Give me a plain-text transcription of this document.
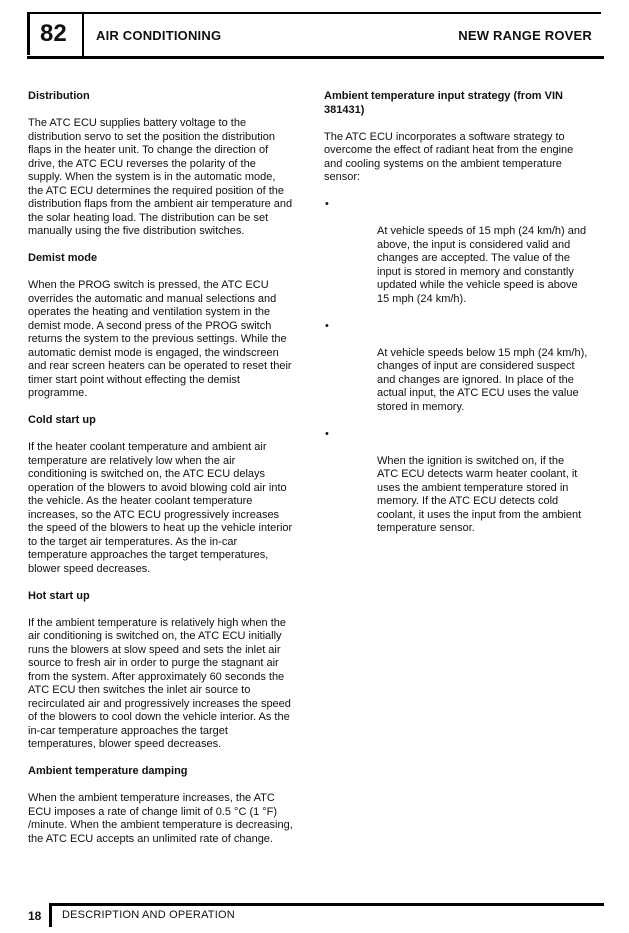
82 AIR CONDITIONING	NEW RANGE ROVER
Distribution

The ATC ECU supplies battery voltage to the
distribution servo to set the position the distribution
flaps in the heater unit. To change the direction of
drive, the ATC ECU reverses the polarity of the
supply. When the system is in the automatic mode,
the ATC ECU determines the required position of the
distribution flaps from the ambient air temperature and
the solar heating load. The distribution can be set
manually using the five distribution switches.

Demist mode

When the PROG switch is pressed, the ATC ECU
overrides the automatic and manual selections and
operates the heating and ventilation system in the
demist mode. A second press of the PROG switch
returns the system to the previous settings. While the
automatic demist mode is engaged, the windscreen
and rear screen heaters can be operated to reset their
timer start point without effecting the demist
programme.

Cold start up

If the heater coolant temperature and ambient air
temperature are relatively low when the air
conditioning is switched on, the ATC ECU delays
operation of the blowers to avoid blowing cold air into
the vehicle. As the heater coolant temperature
increases, so the ATC ECU progressively increases
the speed of the blowers to heat up the vehicle interior
to the target air temperatures. As the in-car
temperature approaches the target temperatures,
blower speed decreases.

Hot start up

If the ambient temperature is relatively high when the
air conditioning is switched on, the ATC ECU initially
runs the blowers at slow speed and sets the inlet air
source to fresh air in order to purge the stagnant air
from the system. After approximately 60 seconds the
ATC ECU then switches the inlet air source to
recirculated air and progressively increases the speed
of the blowers to cool down the vehicle interior. As the
in-car temperature approaches the target
temperatures, blower speed decreases.

Ambient temperature damping

When the ambient temperature increases, the ATC
ECU imposes a rate of change limit of 0.5 °C (1 °F)
/minute. When the ambient temperature is decreasing,
the ATC ECU accepts an unlimited rate of change.

Ambient temperature input strategy (from VIN
381431)

The ATC ECU incorporates a software strategy to
overcome the effect of radiant heat from the engine
and cooling systems on the ambient temperature
sensor:

•

At vehicle speeds of 15 mph (24 km/h) and
above, the input is considered valid and
changes are accepted. The value of the
input is stored in memory and constantly
updated while the vehicle speed is above
15 mph (24 km/h).

•

At vehicle speeds below 15 mph (24 km/h),
changes of input are considered suspect
and changes are ignored. In place of the
actual input, the ATC ECU uses the value
stored in memory.

•

When the ignition is switched on, if the
ATC ECU detects warm heater coolant, it
uses the ambient temperature stored in
memory. If the ATC ECU detects cold
coolant, it uses the input from the ambient
temperature sensor.

18 DESCRIPTION AND OPERATION
